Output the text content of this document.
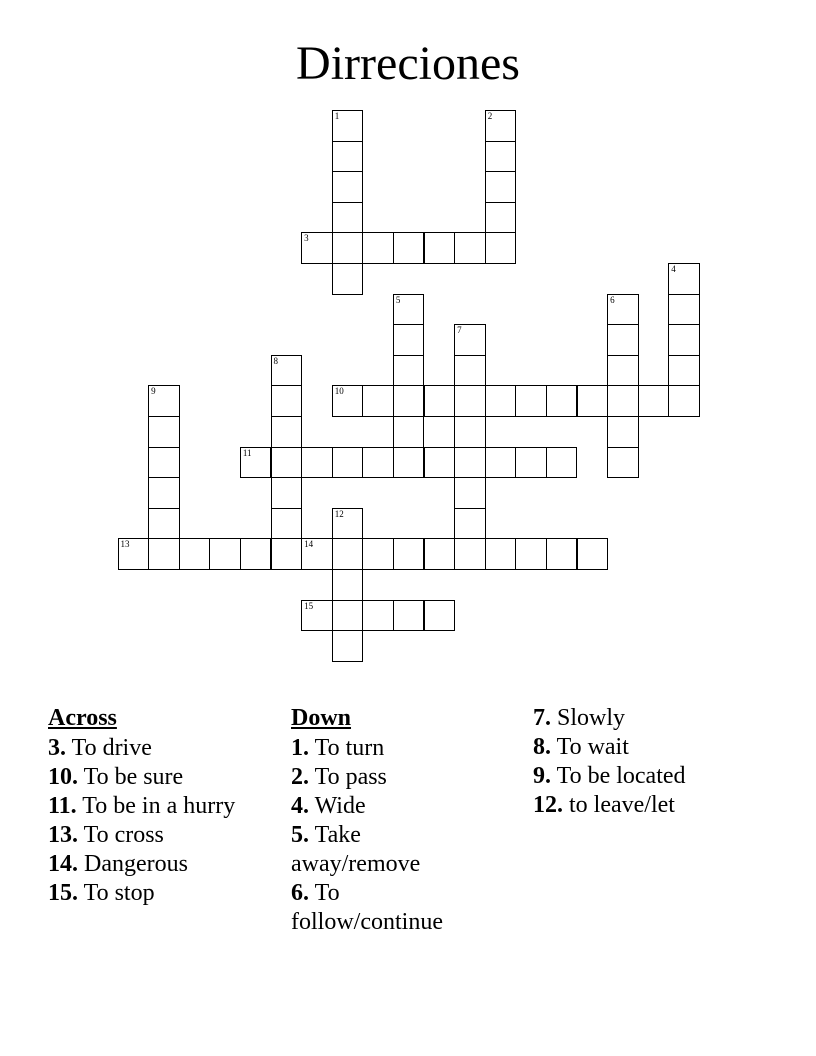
Dirreciones
1	2
3
4
5	6
7
8
9	10
11
12
13	14
15
Across
3. To drive
10. To be sure
11. To be in a hurry
13. To cross
14. Dangerous
15. To stop
Down
1. To turn
2. To pass
4. Wide
5. Take away/remove
6. To follow/continue
7. Slowly
8. To wait
9. To be located
12. to leave/let
